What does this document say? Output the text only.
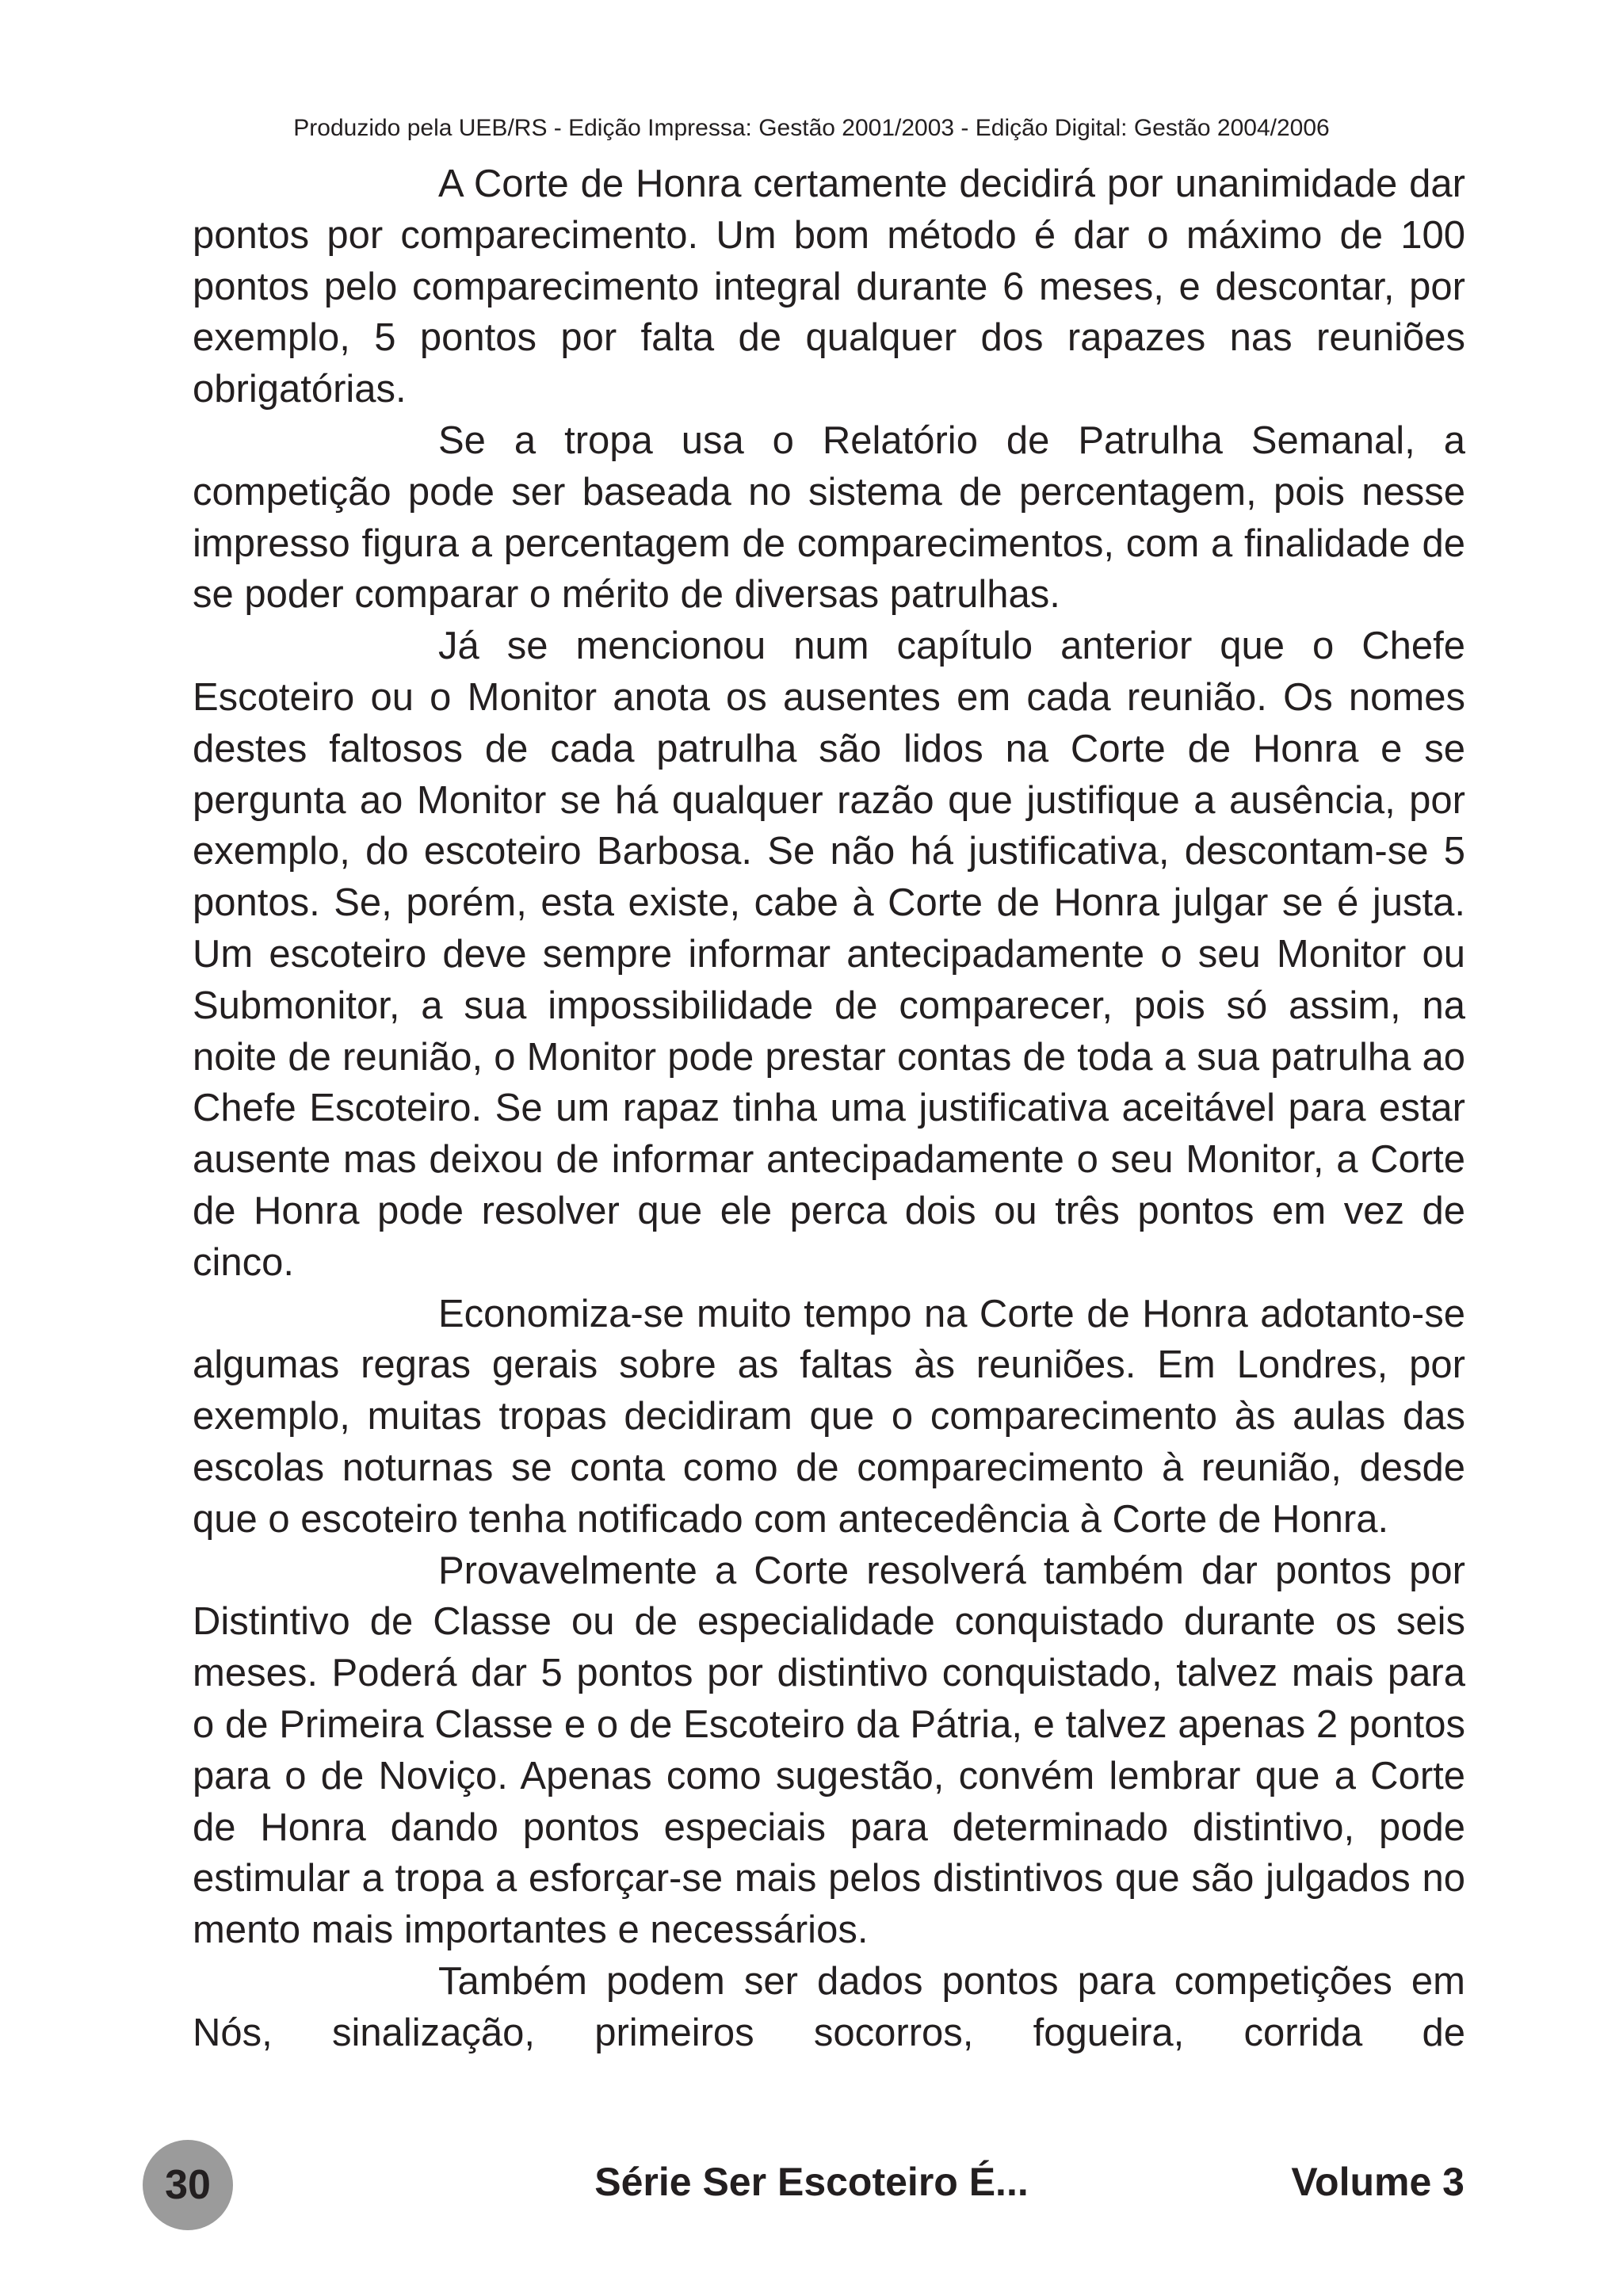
Produzido pela UEB/RS - Edição Impressa: Gestão 2001/2003 - Edição Digital: Gestão 2004/2006

A Corte de Honra certamente decidirá por unanimidade dar pontos por comparecimento. Um bom método é dar o máximo de 100 pontos pelo comparecimento integral durante 6 meses, e descontar, por exemplo, 5 pontos por falta de qualquer dos rapazes nas reuniões obrigatórias.

Se a tropa usa o Relatório de Patrulha Semanal, a competição pode ser baseada no sistema de percentagem, pois nesse impresso figura a percentagem de comparecimentos, com a finalidade de se poder comparar o mérito de diversas patrulhas.

Já se mencionou num capítulo anterior que o Chefe Escoteiro ou o Monitor anota os ausentes em cada reunião. Os nomes destes faltosos de cada patrulha são lidos na Corte de Honra e se pergunta ao Monitor se há qualquer razão que justifique a ausência, por exemplo, do escoteiro Barbosa. Se não há justificativa, descontam-se 5 pontos. Se, porém, esta existe, cabe à Corte de Honra julgar se é justa. Um escoteiro deve sempre informar antecipadamente o seu Monitor ou Submonitor, a sua impossibilidade de comparecer, pois só assim, na noite de reunião, o Monitor pode prestar contas de toda a sua patrulha ao Chefe Escoteiro. Se um rapaz tinha uma justificativa aceitável para estar ausente mas deixou de informar antecipadamente o seu Monitor, a Corte de Honra pode resolver que ele perca dois ou três pontos em vez de cinco.

Economiza-se muito tempo na Corte de Honra adotanto-se algumas regras gerais sobre as faltas às reuniões. Em Londres, por exemplo, muitas tropas decidiram que o comparecimento às aulas das escolas noturnas se conta como de comparecimento à reunião, desde que o escoteiro tenha notificado com antecedência à Corte de Honra.

Provavelmente a Corte resolverá também dar pontos por Distintivo de Classe ou de especialidade conquistado durante os seis meses. Poderá dar 5 pontos por distintivo conquistado, talvez mais para o de Primeira Classe e o de Escoteiro da Pátria, e talvez apenas 2 pontos para o de Noviço. Apenas como sugestão, convém lembrar que a Corte de Honra dando pontos especiais para determinado distintivo, pode estimular a tropa a esforçar-se mais pelos distintivos que são julgados no mento mais importantes e necessários.

Também podem ser dados pontos para competições em Nós, sinalização, primeiros socorros, fogueira, corrida de

30	Série Ser Escoteiro É...	Volume 3
